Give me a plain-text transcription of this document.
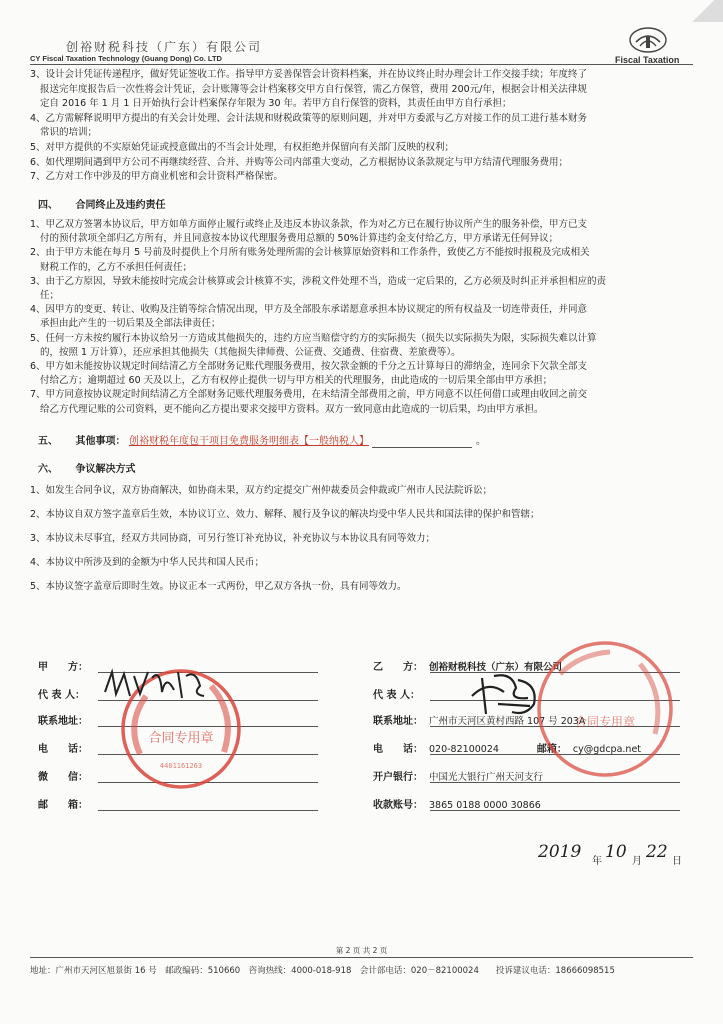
创裕财税科技（广东）有限公司
CY Fiscal Taxation Technology (Guang Dong) Co. LTD	Fiscal Taxation

3、设计会计凭证传递程序，做好凭证签收工作。指导甲方妥善保管会计资料档案，并在协议终止时办理会计工作交接手续；年度终了

报送完年度报告后一次性将会计凭证，会计账簿等会计档案移交甲方自行保管，需乙方保管，费用 200元/年，根据会计相关法律规

定自 2016 年 1 月 1 日开始执行会计档案保存年限为 30 年。若甲方自行保管的资料，其责任由甲方自行承担；

4、乙方需解释说明甲方提出的有关会计处理、会计法规和财税政策等的原则问题，并对甲方委派与乙方对接工作的员工进行基本财务

常识的培训；

5、对甲方提供的不实原始凭证或授意做出的不当会计处理，有权拒绝并保留向有关部门反映的权利；

6、如代理期间遇到甲方公司不再继续经营、合并、并购等公司内部重大变动，乙方根据协议条款规定与甲方结清代理服务费用；

7、乙方对工作中涉及的甲方商业机密和会计资料严格保密。

四、 合同终止及违约责任

1、甲乙双方签署本协议后，甲方如单方面停止履行或终止及违反本协议条款，作为对乙方已在履行协议所产生的服务补偿，甲方已支

付的预付款项全部归乙方所有，并且同意按本协议代理服务费用总额的 50%计算违约金支付给乙方，甲方承诺无任何异议；

2、由于甲方未能在每月 5 号前及时提供上个月所有账务处理所需的会计核算原始资料和工作条件，致使乙方不能按时报税及完成相关

财税工作的，乙方不承担任何责任；

3、由于乙方原因，导致未能按时完成会计核算或会计核算不实，涉税文件处理不当，造成一定后果的，乙方必须及时纠正并承担相应的责

任；

4、因甲方的变更、转让、收购及注销等综合情况出现，甲方及全部股东承诺愿意承担本协议规定的所有权益及一切连带责任，并同意

承担由此产生的一切后果及全部法律责任；

5、任何一方未按约履行本协议给另一方造成其他损失的，违约方应当赔偿守约方的实际损失（损失以实际损失为限，实际损失难以计算

的，按照 1 万计算），还应承担其他损失（其他损失律师费、公证费、交通费、住宿费、差旅费等）。

6、甲方如未能按协议规定时间结清乙方全部财务记账代理服务费用，按欠款金额的千分之五计算每日的滞纳金，连同余下欠款全部支

付给乙方；逾期超过 60 天及以上，乙方有权停止提供一切与甲方相关的代理服务，由此造成的一切后果全部由甲方承担；

7、甲方同意按协议规定时间结清乙方全部财务记账代理服务费用，在未结清全部费用之前，甲方同意不以任何借口或理由收回之前交

给乙方代理记账的公司资料，更不能向乙方提出要求交接甲方资料。双方一致同意由此造成的一切后果，均由甲方承担。

五、 其他事项： 创裕财税年度包干项目免费服务明细表【一般纳税人】	。
六、 争议解决方式

1、如发生合同争议，双方协商解决，如协商未果，双方约定提交广州仲裁委员会仲裁或广州市人民法院诉讼；

2、本协议自双方签字盖章后生效，本协议订立、效力、解释、履行及争议的解决均受中华人民共和国法律的保护和管辖；

3、本协议未尽事宜，经双方共同协商，可另行签订补充协议，补充协议与本协议具有同等效力；

4、本协议中所涉及到的金额为中华人民共和国人民币；

5、本协议签字盖章后即时生效。协议正本一式两份，甲乙双方各执一份，具有同等效力。

甲　　方：
代 表 人：
联系地址：
电　　话：
微　　信：
邮　　箱：
合同专用章
4401161263
乙　　方： 创裕财税科技（广东）有限公司
代 表 人：
联系地址： 广州市天河区黄村西路 107 号 203A
电　　话： 020-82100024	邮箱： cy@gdcpa.net
开户银行： 中国光大银行广州天河支行
收款账号： 3865 0188 0000 30866
合同专用章
2019 年 10 月 22 日
第 2 页 共 2 页
地址：广州市天河区旭景街 16 号　邮政编码：510660　咨询热线：4000-018-918　会计部电话：020－82100024　　投诉建议电话：18666098515
